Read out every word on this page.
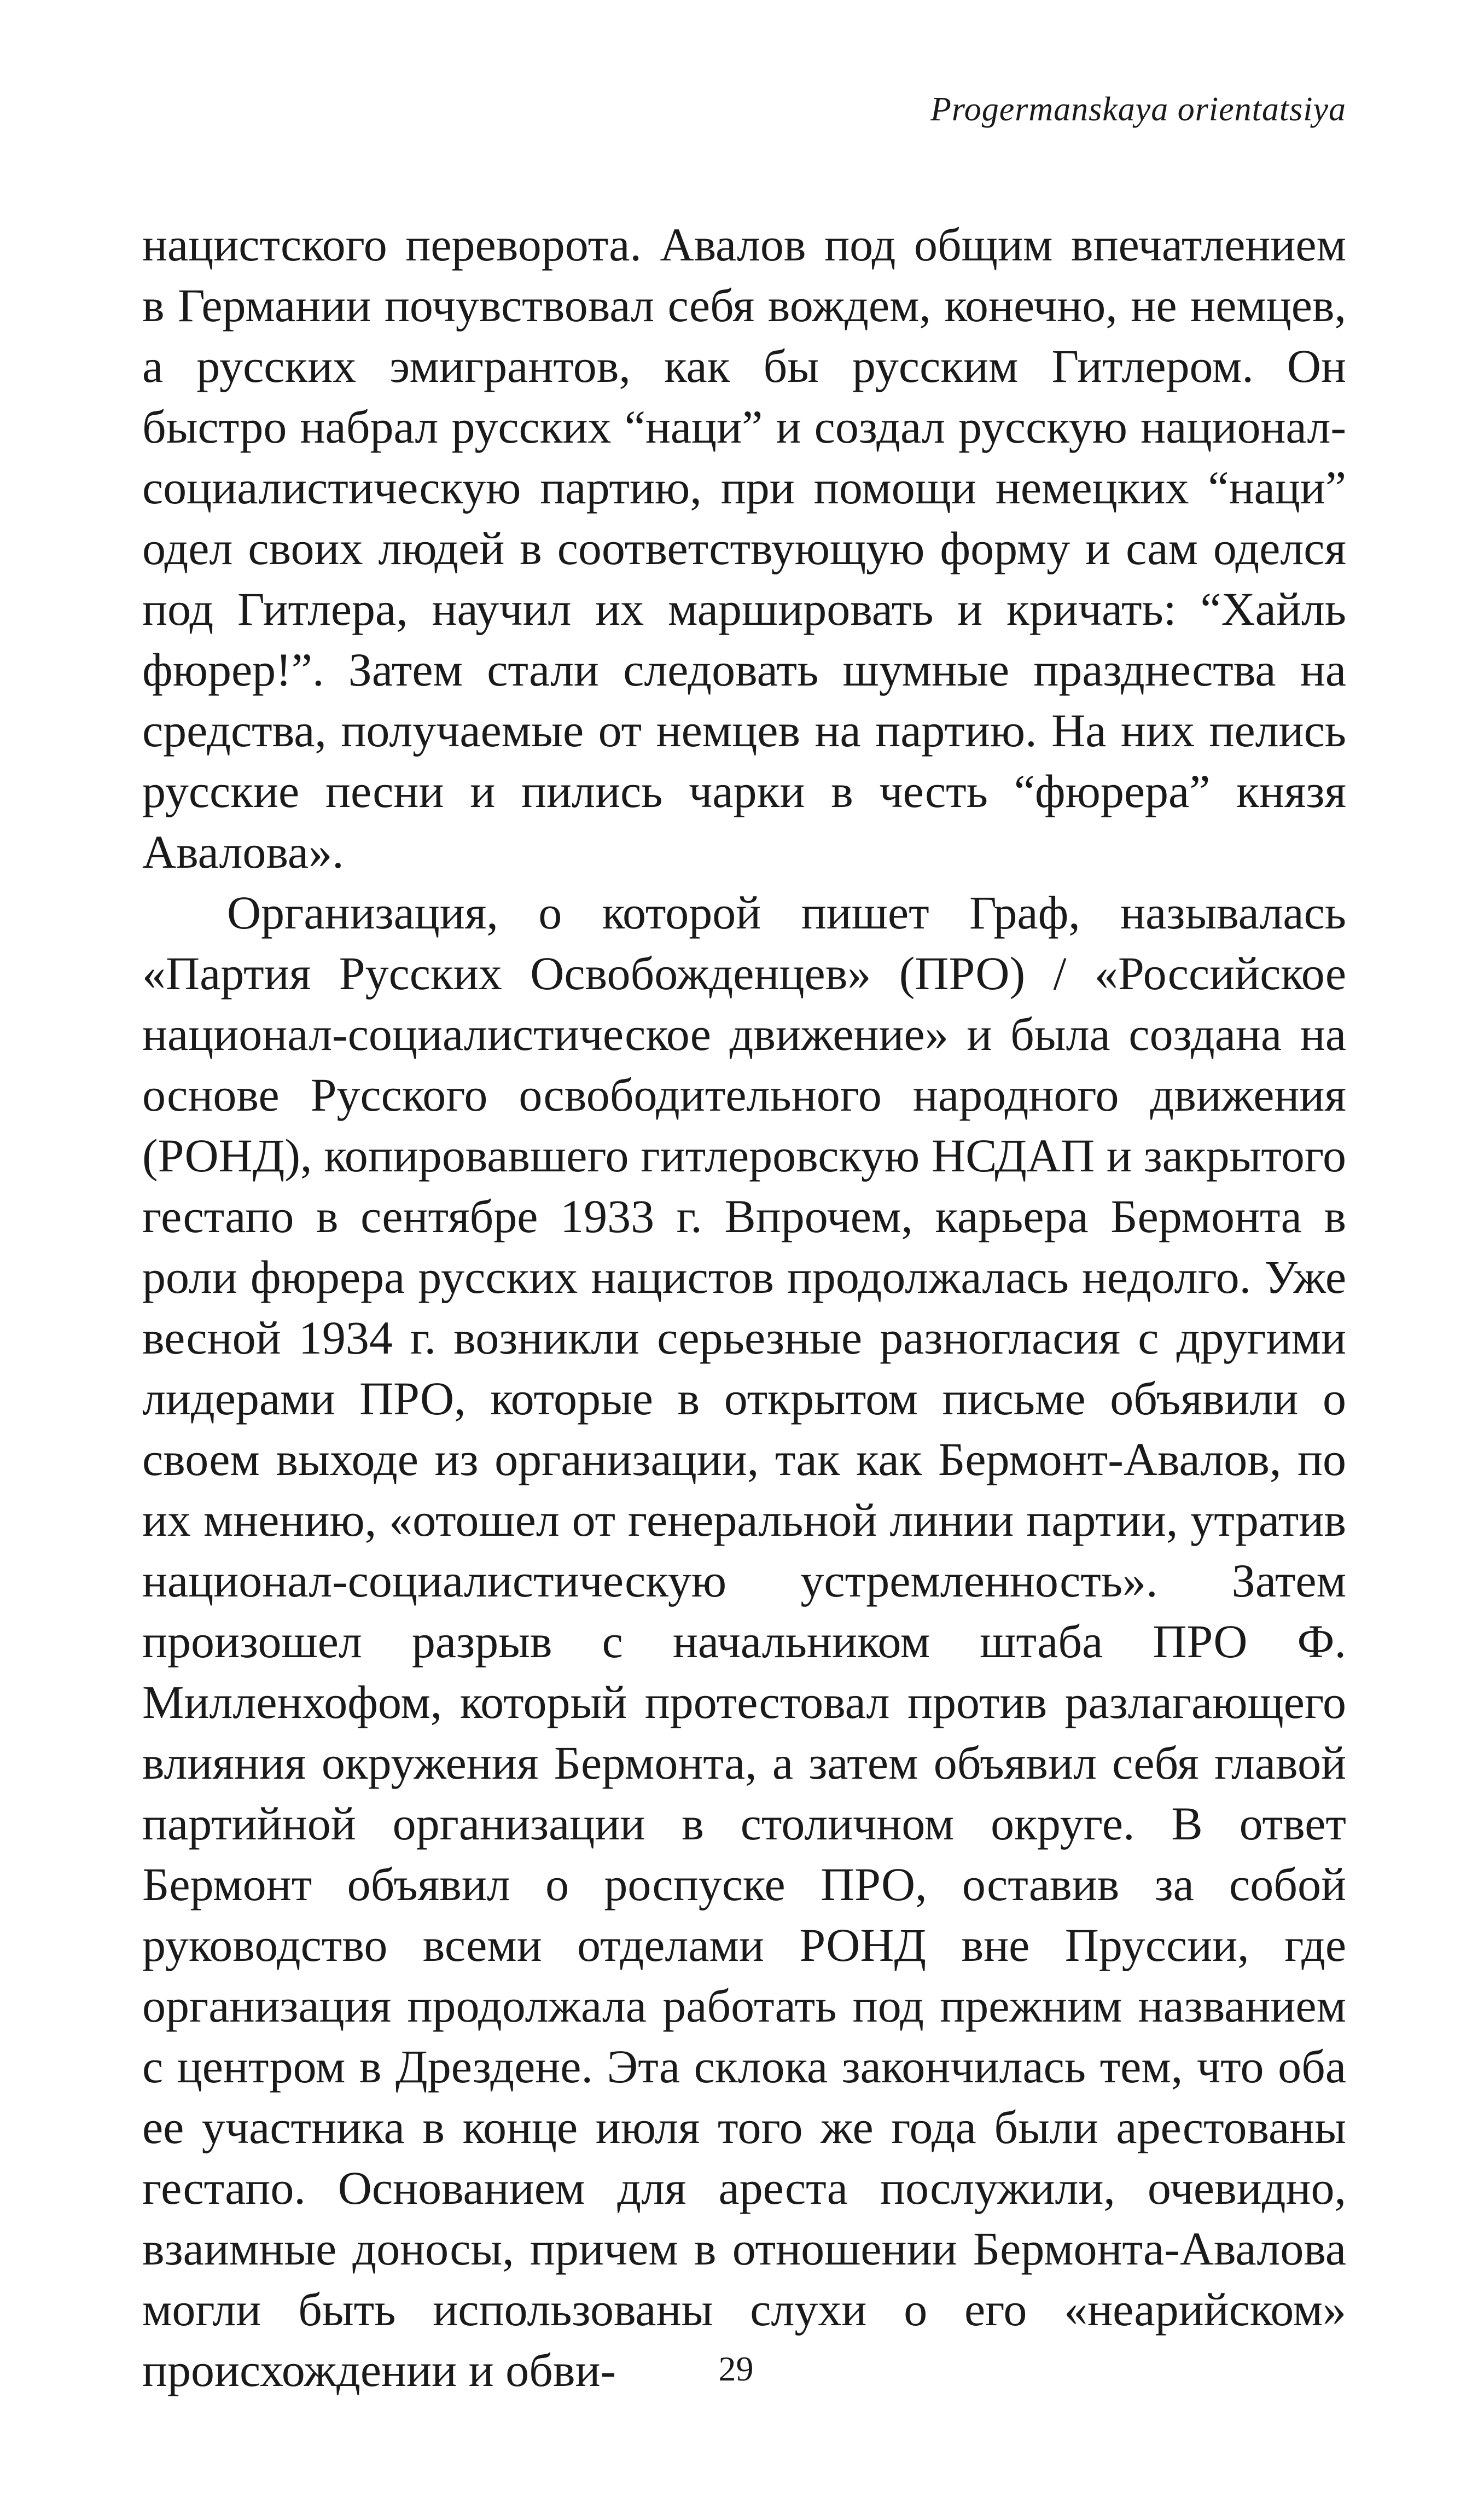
Progermanskaya orientatsiya

нацистского переворота. Авалов под общим впечатлением в Германии почувствовал себя вождем, конечно, не немцев, а русских эмигрантов, как бы русским Гитлером. Он быстро набрал русских “наци” и создал русскую национал-социалистическую партию, при помощи немецких “наци” одел своих людей в соответствующую форму и сам оделся под Гитлера, научил их маршировать и кричать: “Хайль фюрер!”. Затем стали следовать шумные празднества на средства, получаемые от немцев на партию. На них пелись русские песни и пились чарки в честь “фюрера” князя Авалова».

Организация, о которой пишет Граф, называлась «Партия Русских Освобожденцев» (ПРО) / «Российское национал-социалистическое движение» и была создана на основе Русского освободительного народного движения (РОНД), копировавшего гитлеровскую НСДАП и закрытого гестапо в сентябре 1933 г. Впрочем, карьера Бермонта в роли фюрера русских нацистов продолжалась недолго. Уже весной 1934 г. возникли серьезные разногласия с другими лидерами ПРО, которые в открытом письме объявили о своем выходе из организации, так как Бермонт-Авалов, по их мнению, «отошел от генеральной линии партии, утратив национал-социалистическую устремленность». Затем произошел разрыв с начальником штаба ПРО Ф. Милленхофом, который протестовал против разлагающего влияния окружения Бермонта, а затем объявил себя главой партийной организации в столичном округе. В ответ Бермонт объявил о роспуске ПРО, оставив за собой руководство всеми отделами РОНД вне Пруссии, где организация продолжала работать под прежним названием с центром в Дрездене. Эта склока закончилась тем, что оба ее участника в конце июля того же года были арестованы гестапо. Основанием для ареста послужили, очевидно, взаимные доносы, причем в отношении Бермонта-Авалова могли быть использованы слухи о его «неарийском» происхождении и обви-	29
